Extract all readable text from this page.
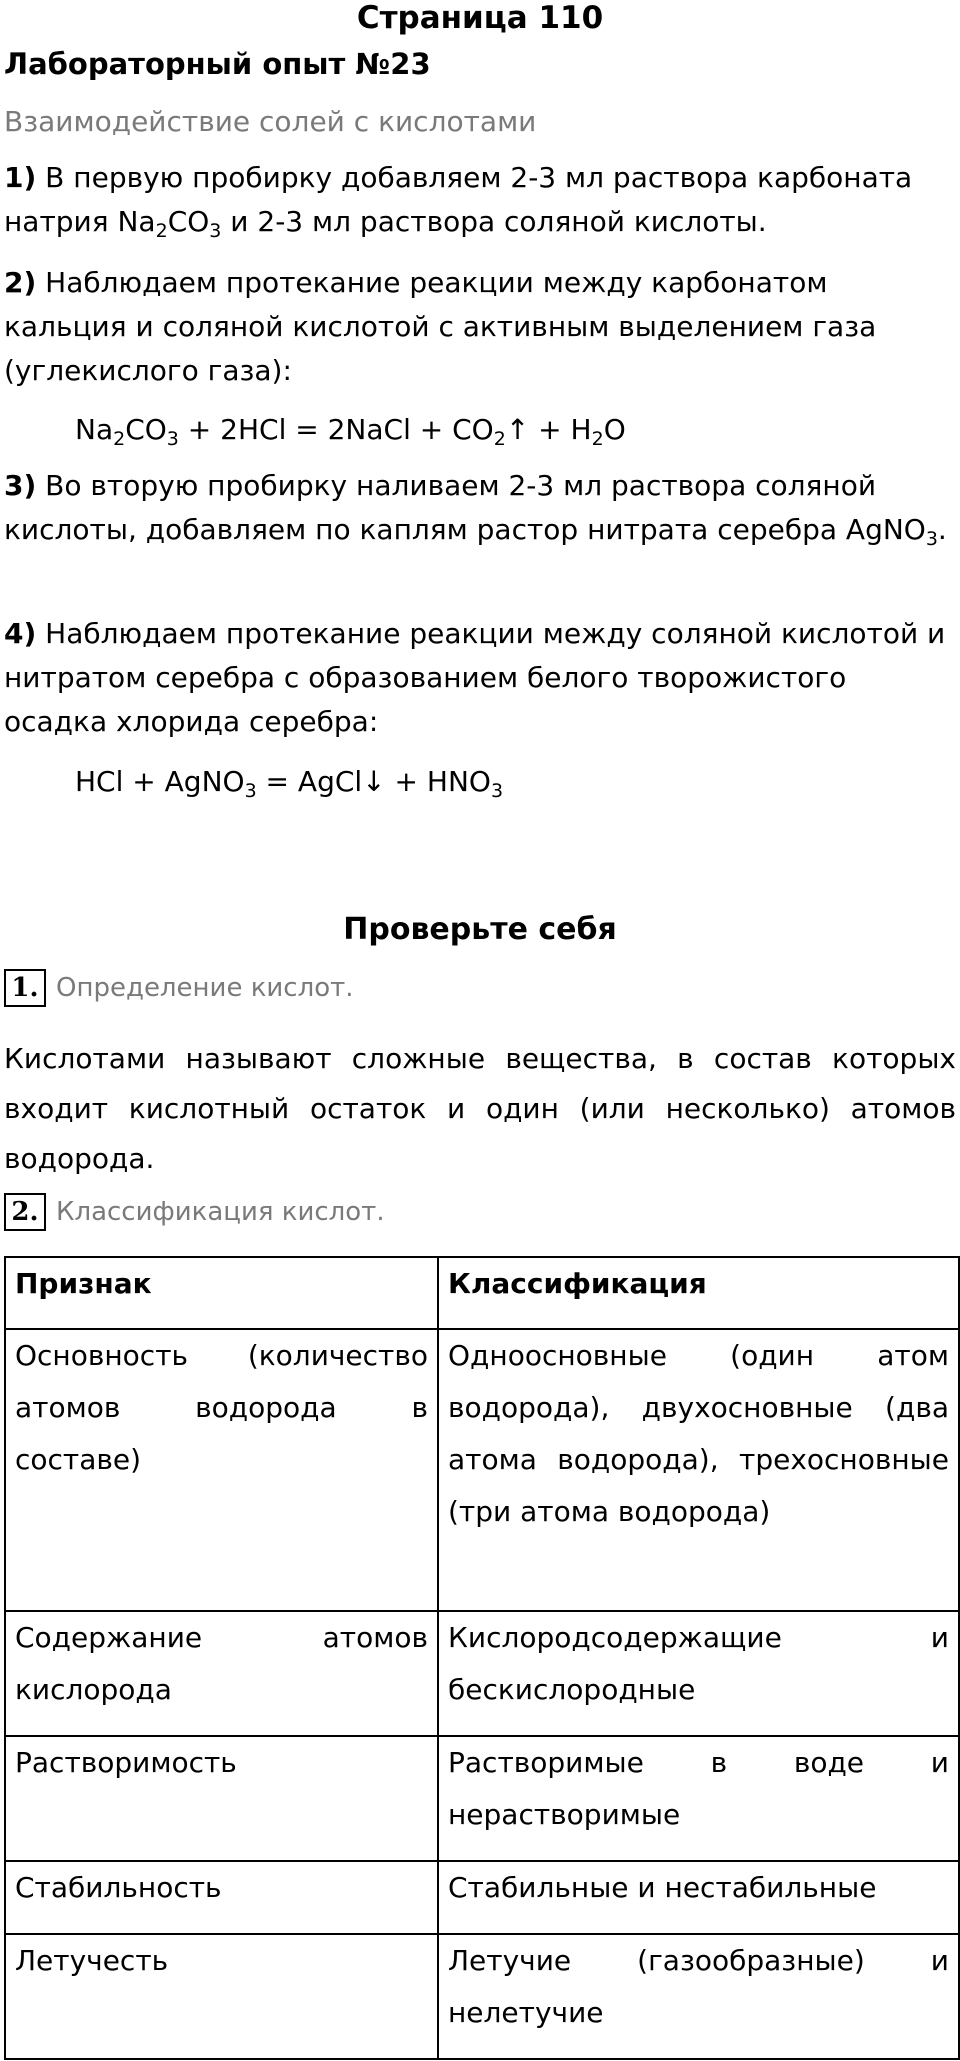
Страница 110
Лабораторный опыт №23
Взаимодействие солей с кислотами
1) В первую пробирку добавляем 2-3 мл раствора карбоната натрия $Na_2CO_3$ и 2-3 мл раствора соляной кислоты.
2) Наблюдаем протекание реакции между карбонатом кальция и соляной кислотой с активным выделением газа (углекислого газа):
$Na_2CO_3 + 2HCl$ = 2NaCl + $CO_2↑ + H_2O$
3) Во вторую пробирку наливаем 2-3 мл раствора соляной кислоты, добавляем по каплям растор нитрата серебра AgNO$_3$.
4) Наблюдаем протекание реакции между соляной кислотой и нитратом серебра с образованием белого творожистого осадка хлорида серебра:
HCl + AgNO$_3$ = AgCl↓ + $HNO_3$
Проверьте себя
1. Определение кислот.
Кислотами называют сложные вещества, в состав которых входит кислотный остаток и один (или несколько) атомов водорода.
2. Классификация кислот.
Признак	Классификация
Основность (количество атомов водорода в составе)	Одноосновные (один атом водорода), двухосновные (два атома водорода), трехосновные (три атома водорода)
Содержание атомов кислорода	Кислородсодержащие и бескислородные
Растворимость	Растворимые в воде и нерастворимые
Стабильность	Стабильные и нестабильные
Летучесть	Летучие (газообразные) и нелетучие
